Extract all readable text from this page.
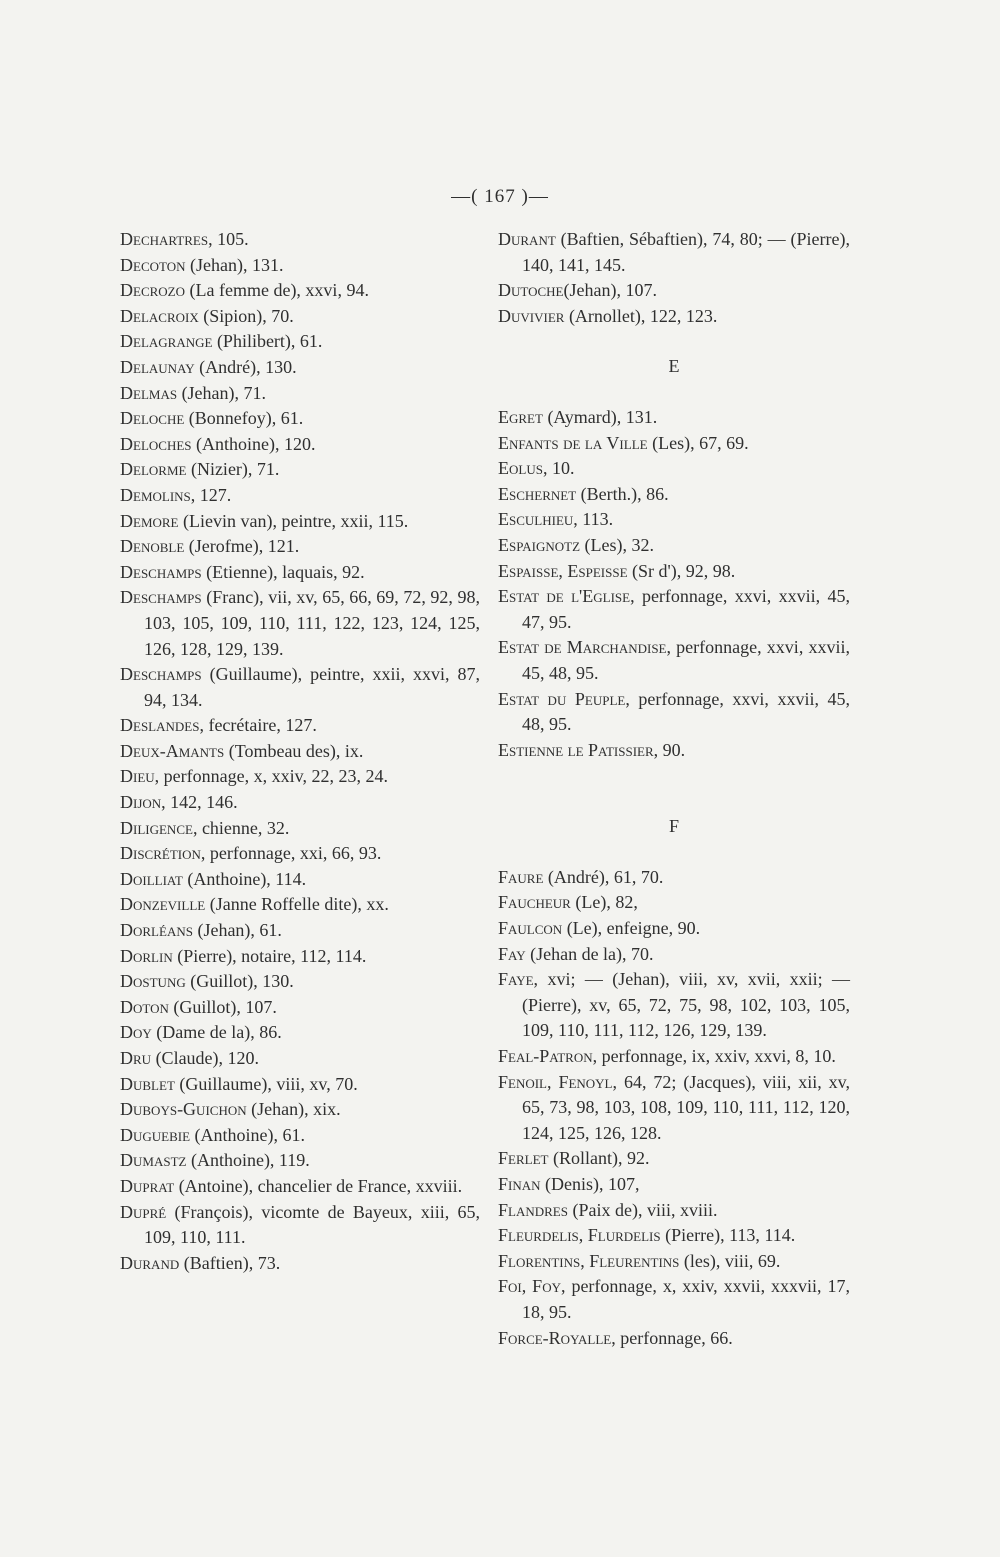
—( 167 )—
Dechartres, 105.
Decoton (Jehan), 131.
Decrozo (La femme de), xxvi, 94.
Delacroix (Sipion), 70.
Delagrange (Philibert), 61.
Delaunay (André), 130.
Delmas (Jehan), 71.
Deloche (Bonnefoy), 61.
Deloches (Anthoine), 120.
Delorme (Nizier), 71.
Demolins, 127.
Demore (Lievin van), peintre, xxii, 115.
Denoble (Jerofme), 121.
Deschamps (Etienne), laquais, 92.
Deschamps (Franc), vii, xv, 65, 66, 69, 72, 92, 98, 103, 105, 109, 110, 111, 122, 123, 124, 125, 126, 128, 129, 139.
Deschamps (Guillaume), peintre, xxii, xxvi, 87, 94, 134.
Deslandes, fecrétaire, 127.
Deux-Amants (Tombeau des), ix.
Dieu, perfonnage, x, xxiv, 22, 23, 24.
Dijon, 142, 146.
Diligence, chienne, 32.
Discrétion, perfonnage, xxi, 66, 93.
Doilliat (Anthoine), 114.
Donzeville (Janne Roffelle dite), xx.
Dorléans (Jehan), 61.
Dorlin (Pierre), notaire, 112, 114.
Dostung (Guillot), 130.
Doton (Guillot), 107.
Doy (Dame de la), 86.
Dru (Claude), 120.
Dublet (Guillaume), viii, xv, 70.
Duboys-Guichon (Jehan), xix.
Duguebie (Anthoine), 61.
Dumastz (Anthoine), 119.
Duprat (Antoine), chancelier de France, xxviii.
Dupré (François), vicomte de Bayeux, xiii, 65, 109, 110, 111.
Durand (Baftien), 73.
Durant (Baftien, Sébaftien), 74, 80; — (Pierre), 140, 141, 145.
Dutoche(Jehan), 107.
Duvivier (Arnollet), 122, 123.
E
Egret (Aymard), 131.
Enfants de la Ville (Les), 67, 69.
Eolus, 10.
Eschernet (Berth.), 86.
Esculhieu, 113.
Espaignotz (Les), 32.
Espaisse, Espeisse (Sr d'), 92, 98.
Estat de l'Eglise, perfonnage, xxvi, xxvii, 45, 47, 95.
Estat de Marchandise, perfonnage, xxvi, xxvii, 45, 48, 95.
Estat du Peuple, perfonnage, xxvi, xxvii, 45, 48, 95.
Estienne le Patissier, 90.
F
Faure (André), 61, 70.
Faucheur (Le), 82,
Faulcon (Le), enfeigne, 90.
Fay (Jehan de la), 70.
Faye, xvi; — (Jehan), viii, xv, xvii, xxii; — (Pierre), xv, 65, 72, 75, 98, 102, 103, 105, 109, 110, 111, 112, 126, 129, 139.
Feal-Patron, perfonnage, ix, xxiv, xxvi, 8, 10.
Fenoil, Fenoyl, 64, 72; (Jacques), viii, xii, xv, 65, 73, 98, 103, 108, 109, 110, 111, 112, 120, 124, 125, 126, 128.
Ferlet (Rollant), 92.
Finan (Denis), 107,
Flandres (Paix de), viii, xviii.
Fleurdelis, Flurdelis (Pierre), 113, 114.
Florentins, Fleurentins (les), viii, 69.
Foi, Foy, perfonnage, x, xxiv, xxvii, xxxvii, 17, 18, 95.
Force-Royalle, perfonnage, 66.
